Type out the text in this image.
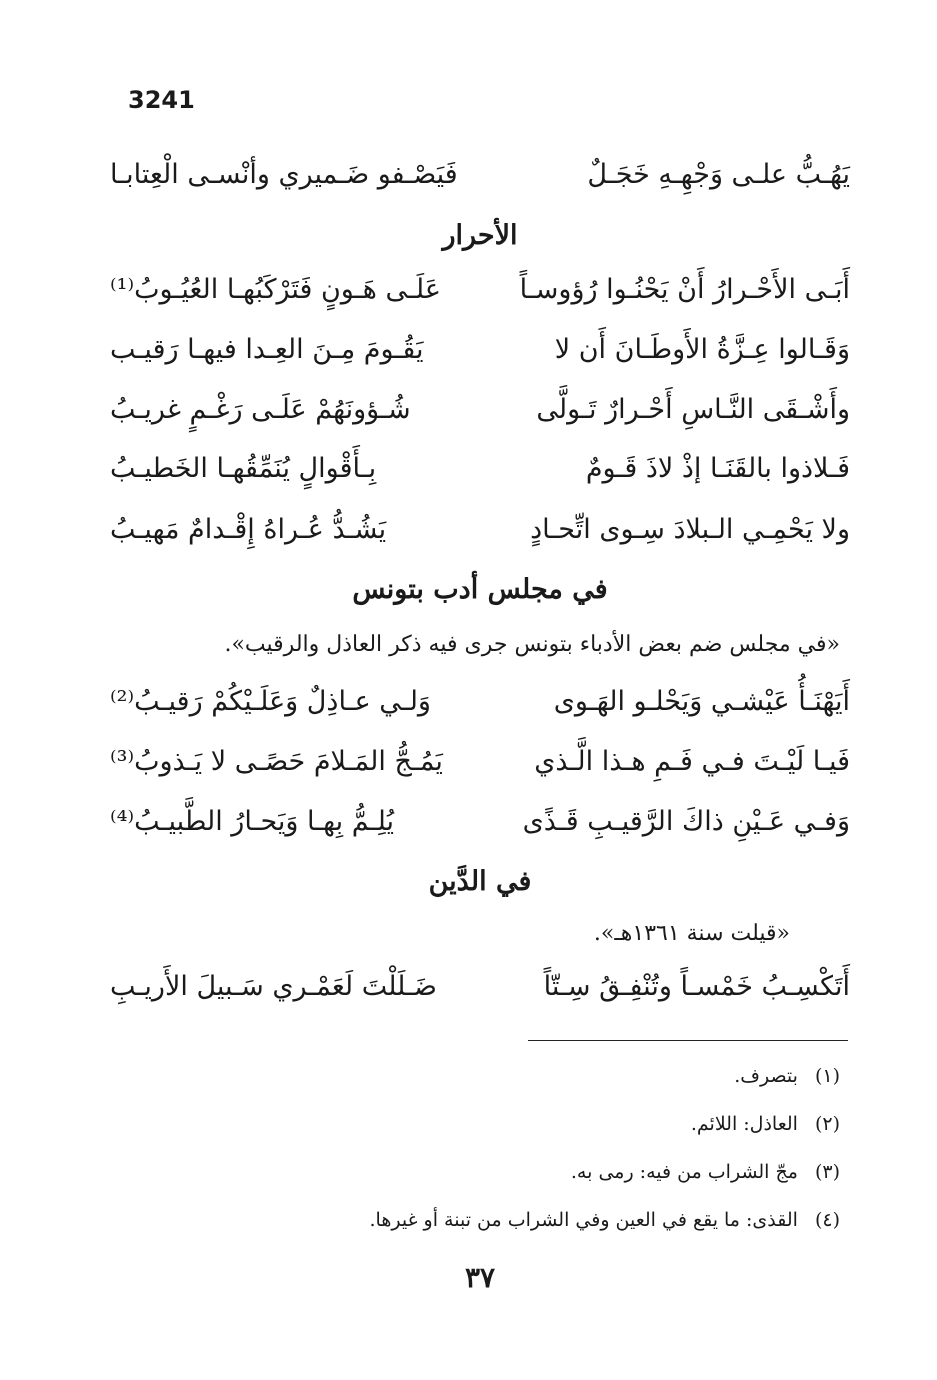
3241
يَهُـبُّ علـى وَجْهِـهِ خَجَـلٌ
فَيَصْـفو ضَـميري وأنْسـى الْعِتابـا
الأحرار
أَبَـى الأَحْـرارُ أَنْ يَحْنُـوا رُؤوسـاً
عَلَـى هَـونٍ فَتَرْكَبُهـا العُيُـوبُ⁽¹⁾
وَقَـالوا عِـزَّةُ الأَوطَـانَ أَن لا
يَقُـومَ مِـنَ العِـدا فيهـا رَقيـب
وأَشْـقَى النَّـاسِ أَحْـرارٌ تَـولَّى
شُـؤونَهُمْ عَلَـى رَغْـمٍ غريـبُ
فَـلاذوا بالقَنَـا إذْ لاذَ قَـومٌ
بِـأَقْوالٍ يُنَمِّقُهـا الخَطيـبُ
ولا يَحْمِـي الـبلادَ سِـوى اتِّحـادٍ
يَشُـدُّ عُـراهُ إِقْـدامٌ مَهيـبُ
في مجلس أدب بتونس
«في مجلس ضم بعض الأدباء بتونس جرى فيه ذكر العاذل والرقيب».
أَيَهْنَـأُ عَيْشـي وَيَحْلـو الهَـوى
وَلـي عـاذِلٌ وَعَلَـيْكُمْ رَقيـبُ⁽²⁾
فَيـا لَيْـتَ فـي فَـمِ هـذا الَّـذي
يَمُـجُّ المَـلامَ حَصًـى لا يَـذوبُ⁽³⁾
وَفـي عَـيْنِ ذاكَ الرَّقيـبِ قَـذًى
يُلِـمُّ بِهـا وَيَحـارُ الطَّبيـبُ⁽⁴⁾
في الدَّين
«قيلت سنة ١٣٦١هـ».
أَتَكْسِـبُ خَمْسـاً وتُنْفِـقُ سِـتّاً
ضَـلَلْتَ لَعَمْـري سَـبيلَ الأَريـبِ
(١) بتصرف.
(٢) العاذل: اللائم.
(٣) مجّ الشراب من فيه: رمى به.
(٤) القذى: ما يقع في العين وفي الشراب من تبنة أو غيرها.
٣٧
